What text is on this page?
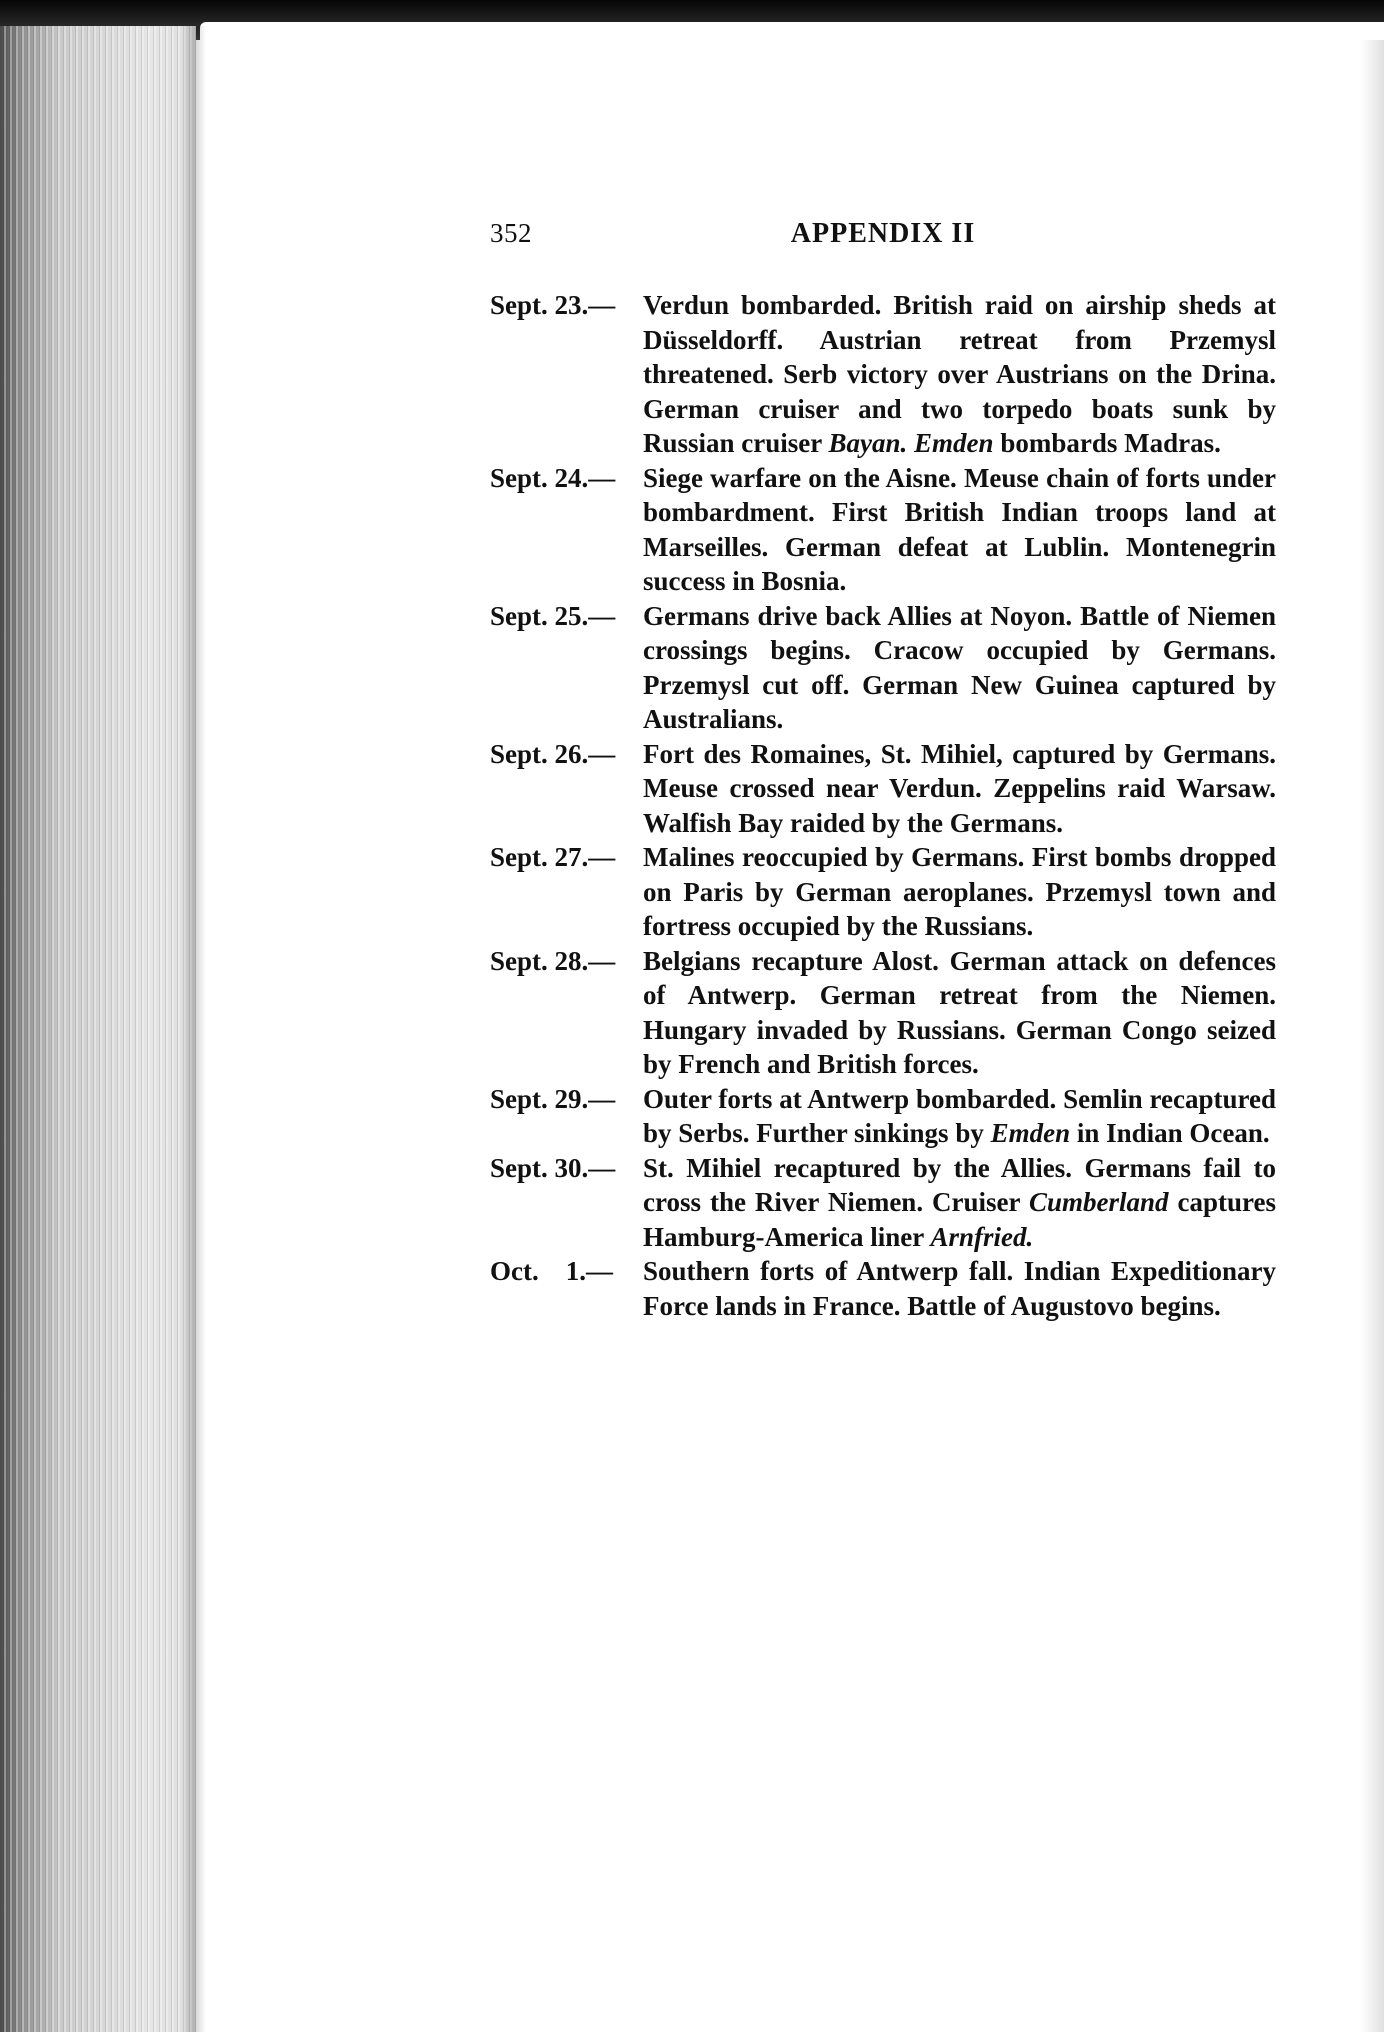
352	APPENDIX II
Sept. 23.—	Verdun bombarded. British raid on airship sheds at Düsseldorff. Austrian retreat from Przemysl threatened. Serb victory over Austrians on the Drina. German cruiser and two torpedo boats sunk by Russian cruiser Bayan. Emden bombards Madras.
Sept. 24.—	Siege warfare on the Aisne. Meuse chain of forts under bombardment. First British Indian troops land at Marseilles. German defeat at Lublin. Montenegrin success in Bosnia.
Sept. 25.—	Germans drive back Allies at Noyon. Battle of Niemen crossings begins. Cracow occupied by Germans. Przemysl cut off. German New Guinea captured by Australians.
Sept. 26.—	Fort des Romaines, St. Mihiel, captured by Germans. Meuse crossed near Verdun. Zeppelins raid Warsaw. Walfish Bay raided by the Germans.
Sept. 27.—	Malines reoccupied by Germans. First bombs dropped on Paris by German aeroplanes. Przemysl town and fortress occupied by the Russians.
Sept. 28.—	Belgians recapture Alost. German attack on defences of Antwerp. German retreat from the Niemen. Hungary invaded by Russians. German Congo seized by French and British forces.
Sept. 29.—	Outer forts at Antwerp bombarded. Semlin recaptured by Serbs. Further sinkings by Emden in Indian Ocean.
Sept. 30.—	St. Mihiel recaptured by the Allies. Germans fail to cross the River Niemen. Cruiser Cumberland captures Hamburg-America liner Arnfried.
Oct.    1.—	Southern forts of Antwerp fall. Indian Expeditionary Force lands in France. Battle of Augustovo begins.
